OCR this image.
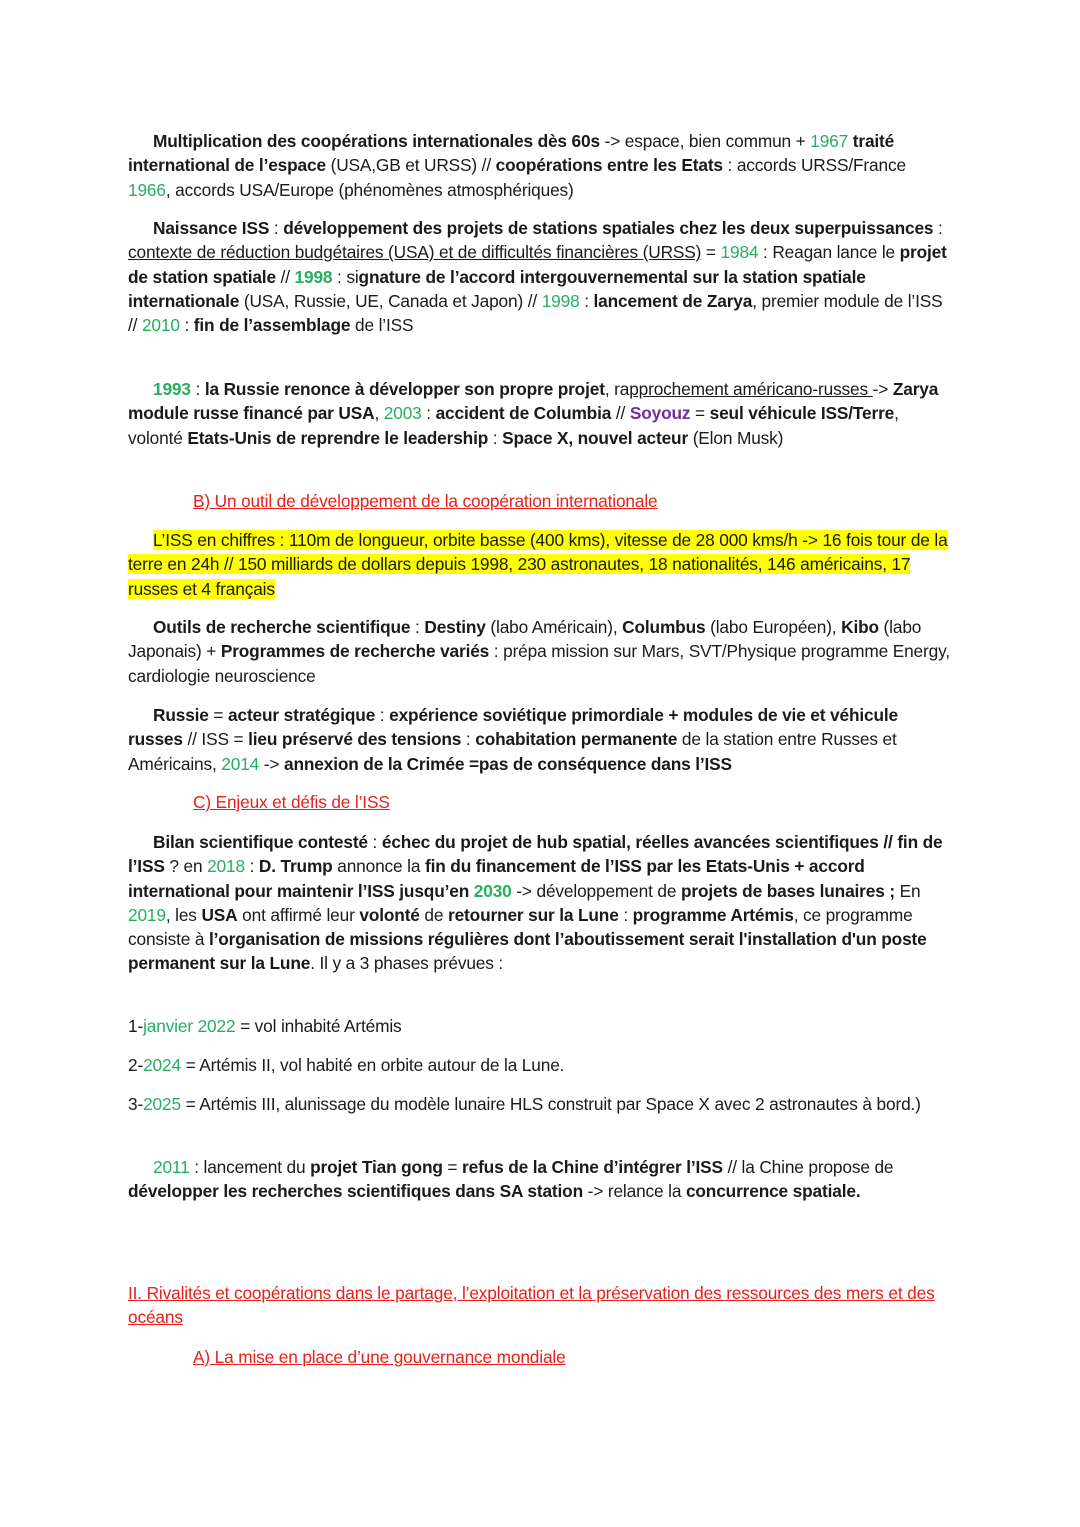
Multiplication des coopérations internationales dès 60s -> espace, bien commun + 1967 traité international de l’espace (USA,GB et URSS) // coopérations entre les Etats : accords URSS/France 1966, accords USA/Europe (phénomènes atmosphériques)
Naissance ISS : développement des projets de stations spatiales chez les deux superpuissances : contexte de réduction budgétaires (USA) et de difficultés financières (URSS) = 1984 : Reagan lance le projet de station spatiale // 1998 : signature de l’accord intergouvernemental sur la station spatiale internationale (USA, Russie, UE, Canada et Japon) // 1998 : lancement de Zarya, premier module de l’ISS // 2010 : fin de l’assemblage de l’ISS
1993 : la Russie renonce à développer son propre projet, rapprochement américano-russes -> Zarya module russe financé par USA, 2003 : accident de Columbia // Soyouz = seul véhicule ISS/Terre, volonté Etats-Unis de reprendre le leadership : Space X, nouvel acteur (Elon Musk)
B) Un outil de développement de la coopération internationale
L’ISS en chiffres : 110m de longueur, orbite basse (400 kms), vitesse de 28 000 kms/h -> 16 fois tour de la terre en 24h // 150 milliards de dollars depuis 1998, 230 astronautes, 18 nationalités, 146 américains, 17 russes et 4 français
Outils de recherche scientifique : Destiny (labo Américain), Columbus (labo Européen), Kibo (labo Japonais) + Programmes de recherche variés : prépa mission sur Mars, SVT/Physique programme Energy, cardiologie neuroscience
Russie = acteur stratégique : expérience soviétique primordiale + modules de vie et véhicule russes // ISS = lieu préservé des tensions : cohabitation permanente de la station entre Russes et Américains, 2014 -> annexion de la Crimée =pas de conséquence dans l’ISS
C) Enjeux et défis de l’ISS
Bilan scientifique contesté : échec du projet de hub spatial, réelles avancées scientifiques // fin de l’ISS ? en 2018 : D. Trump annonce la fin du financement de l’ISS par les Etats-Unis + accord international pour maintenir l’ISS jusqu’en 2030 -> développement de projets de bases lunaires ; En 2019, les USA ont affirmé leur volonté de retourner sur la Lune : programme Artémis, ce programme consiste à l’organisation de missions régulières dont l’aboutissement serait l'installation d'un poste permanent sur la Lune. Il y a 3 phases prévues :
1-janvier 2022 = vol inhabité Artémis
2-2024 = Artémis II, vol habité en orbite autour de la Lune.
3-2025 = Artémis III, alunissage du modèle lunaire HLS construit par Space X avec 2 astronautes à bord.)
2011 : lancement du projet Tian gong = refus de la Chine d’intégrer l’ISS // la Chine propose de développer les recherches scientifiques dans SA station -> relance la concurrence spatiale.
II. Rivalités et coopérations dans le partage, l’exploitation et la préservation des ressources des mers et des océans
A) La mise en place d’une gouvernance mondiale
